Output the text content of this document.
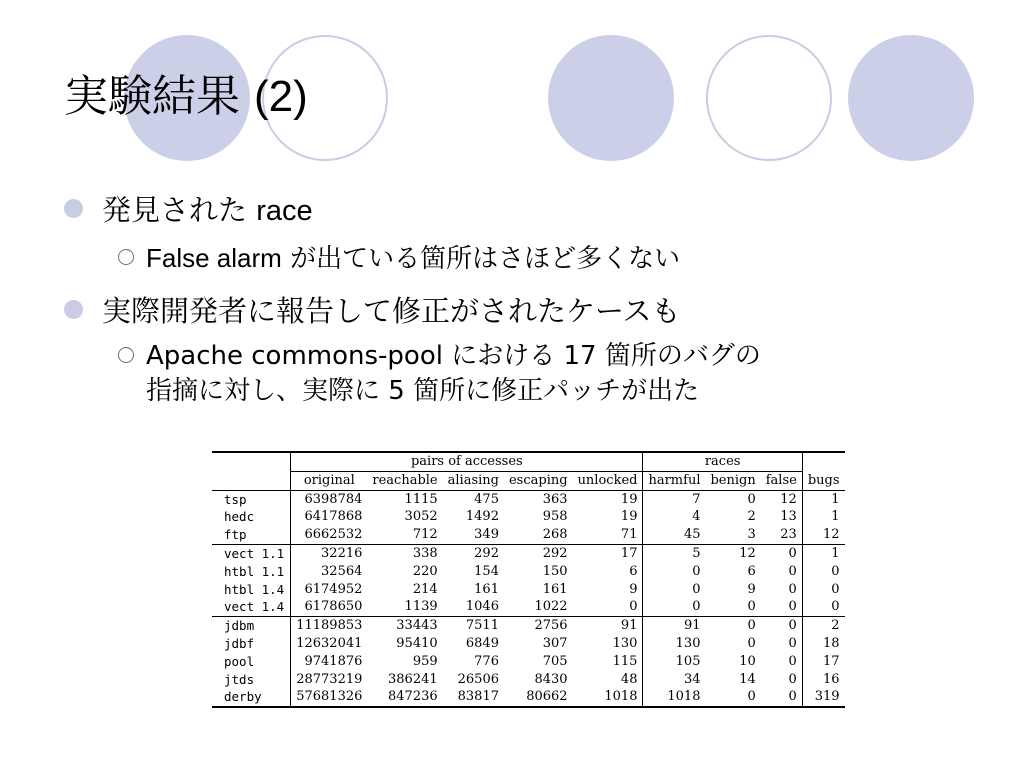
実験結果 (2)
発見された race
False alarm が出ている箇所はさほど多くない
実際開発者に報告して修正がされたケースも
Apache commons-pool における 17 箇所のバグの
指摘に対し、実際に 5 箇所に修正パッチが出た
	pairs of accesses					races			bugs
	original	reachable	aliasing	escaping	unlocked	harmful	benign	false	
tsp	6398784	1115	475	363	19	7	0	12	1
hedc	6417868	3052	1492	958	19	4	2	13	1
ftp	6662532	712	349	268	71	45	3	23	12
vect 1.1	32216	338	292	292	17	5	12	0	1
htbl 1.1	32564	220	154	150	6	0	6	0	0
htbl 1.4	6174952	214	161	161	9	0	9	0	0
vect 1.4	6178650	1139	1046	1022	0	0	0	0	0
jdbm	11189853	33443	7511	2756	91	91	0	0	2
jdbf	12632041	95410	6849	307	130	130	0	0	18
pool	9741876	959	776	705	115	105	10	0	17
jtds	28773219	386241	26506	8430	48	34	14	0	16
derby	57681326	847236	83817	80662	1018	1018	0	0	319
